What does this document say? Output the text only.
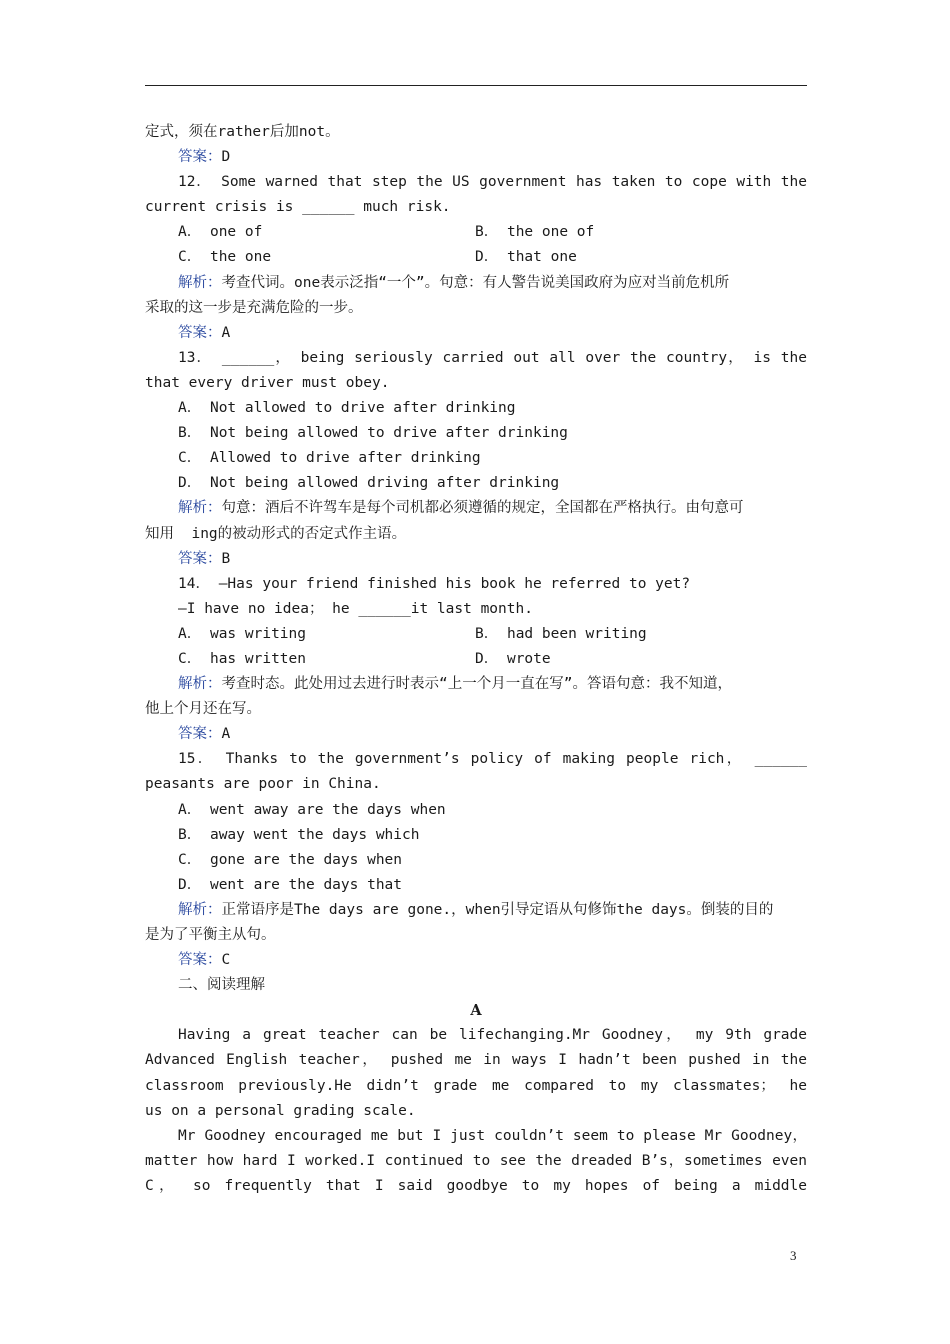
定式，须在rather后加not。
答案：D
12． Some warned that step the US government has taken to cope with the
current crisis is ______ much risk.
A． one of	B． the one of
C． the one	D． that one
解析：考查代词。one表示泛指“一个”。句意：有人警告说美国政府为应对当前危机所
采取的这一步是充满危险的一步。
答案：A
13． ______， being seriously carried out all over the country， is the
that every driver must obey.
A． Not allowed to drive after drinking
B． Not being allowed to drive after drinking
C． Allowed to drive after drinking
D． Not being allowed driving after drinking
解析：句意：酒后不许驾车是每个司机都必须遵循的规定，全国都在严格执行。由句意可
知用  ing的被动形式的否定式作主语。
答案：B
14． —Has your friend finished his book he referred to yet?
—I have no idea； he ______it last month.
A． was writing	B． had been writing
C． has written	D． wrote
解析：考查时态。此处用过去进行时表示“上一个月一直在写”。答语句意：我不知道，
他上个月还在写。
答案：A
15． Thanks to the government’s policy of making people rich， ______
peasants are poor in China.
A． went away are the days when
B． away went the days which
C． gone are the days when
D． went are the days that
解析：正常语序是The days are gone.，when引导定语从句修饰the days。倒装的目的
是为了平衡主从句。
答案：C
二、阅读理解
A
Having a great teacher can be lifechanging.Mr Goodney， my 9th grade
Advanced English teacher， pushed me in ways I hadn’t been pushed in the
classroom previously.He didn’t grade me compared to my classmates； he
us on a personal grading scale.
Mr Goodney encouraged me but I just couldn’t seem to please Mr Goodney，
matter how hard I worked.I continued to see the dreaded B’s，sometimes even
C， so frequently that I said goodbye to my hopes of being a middle
3
